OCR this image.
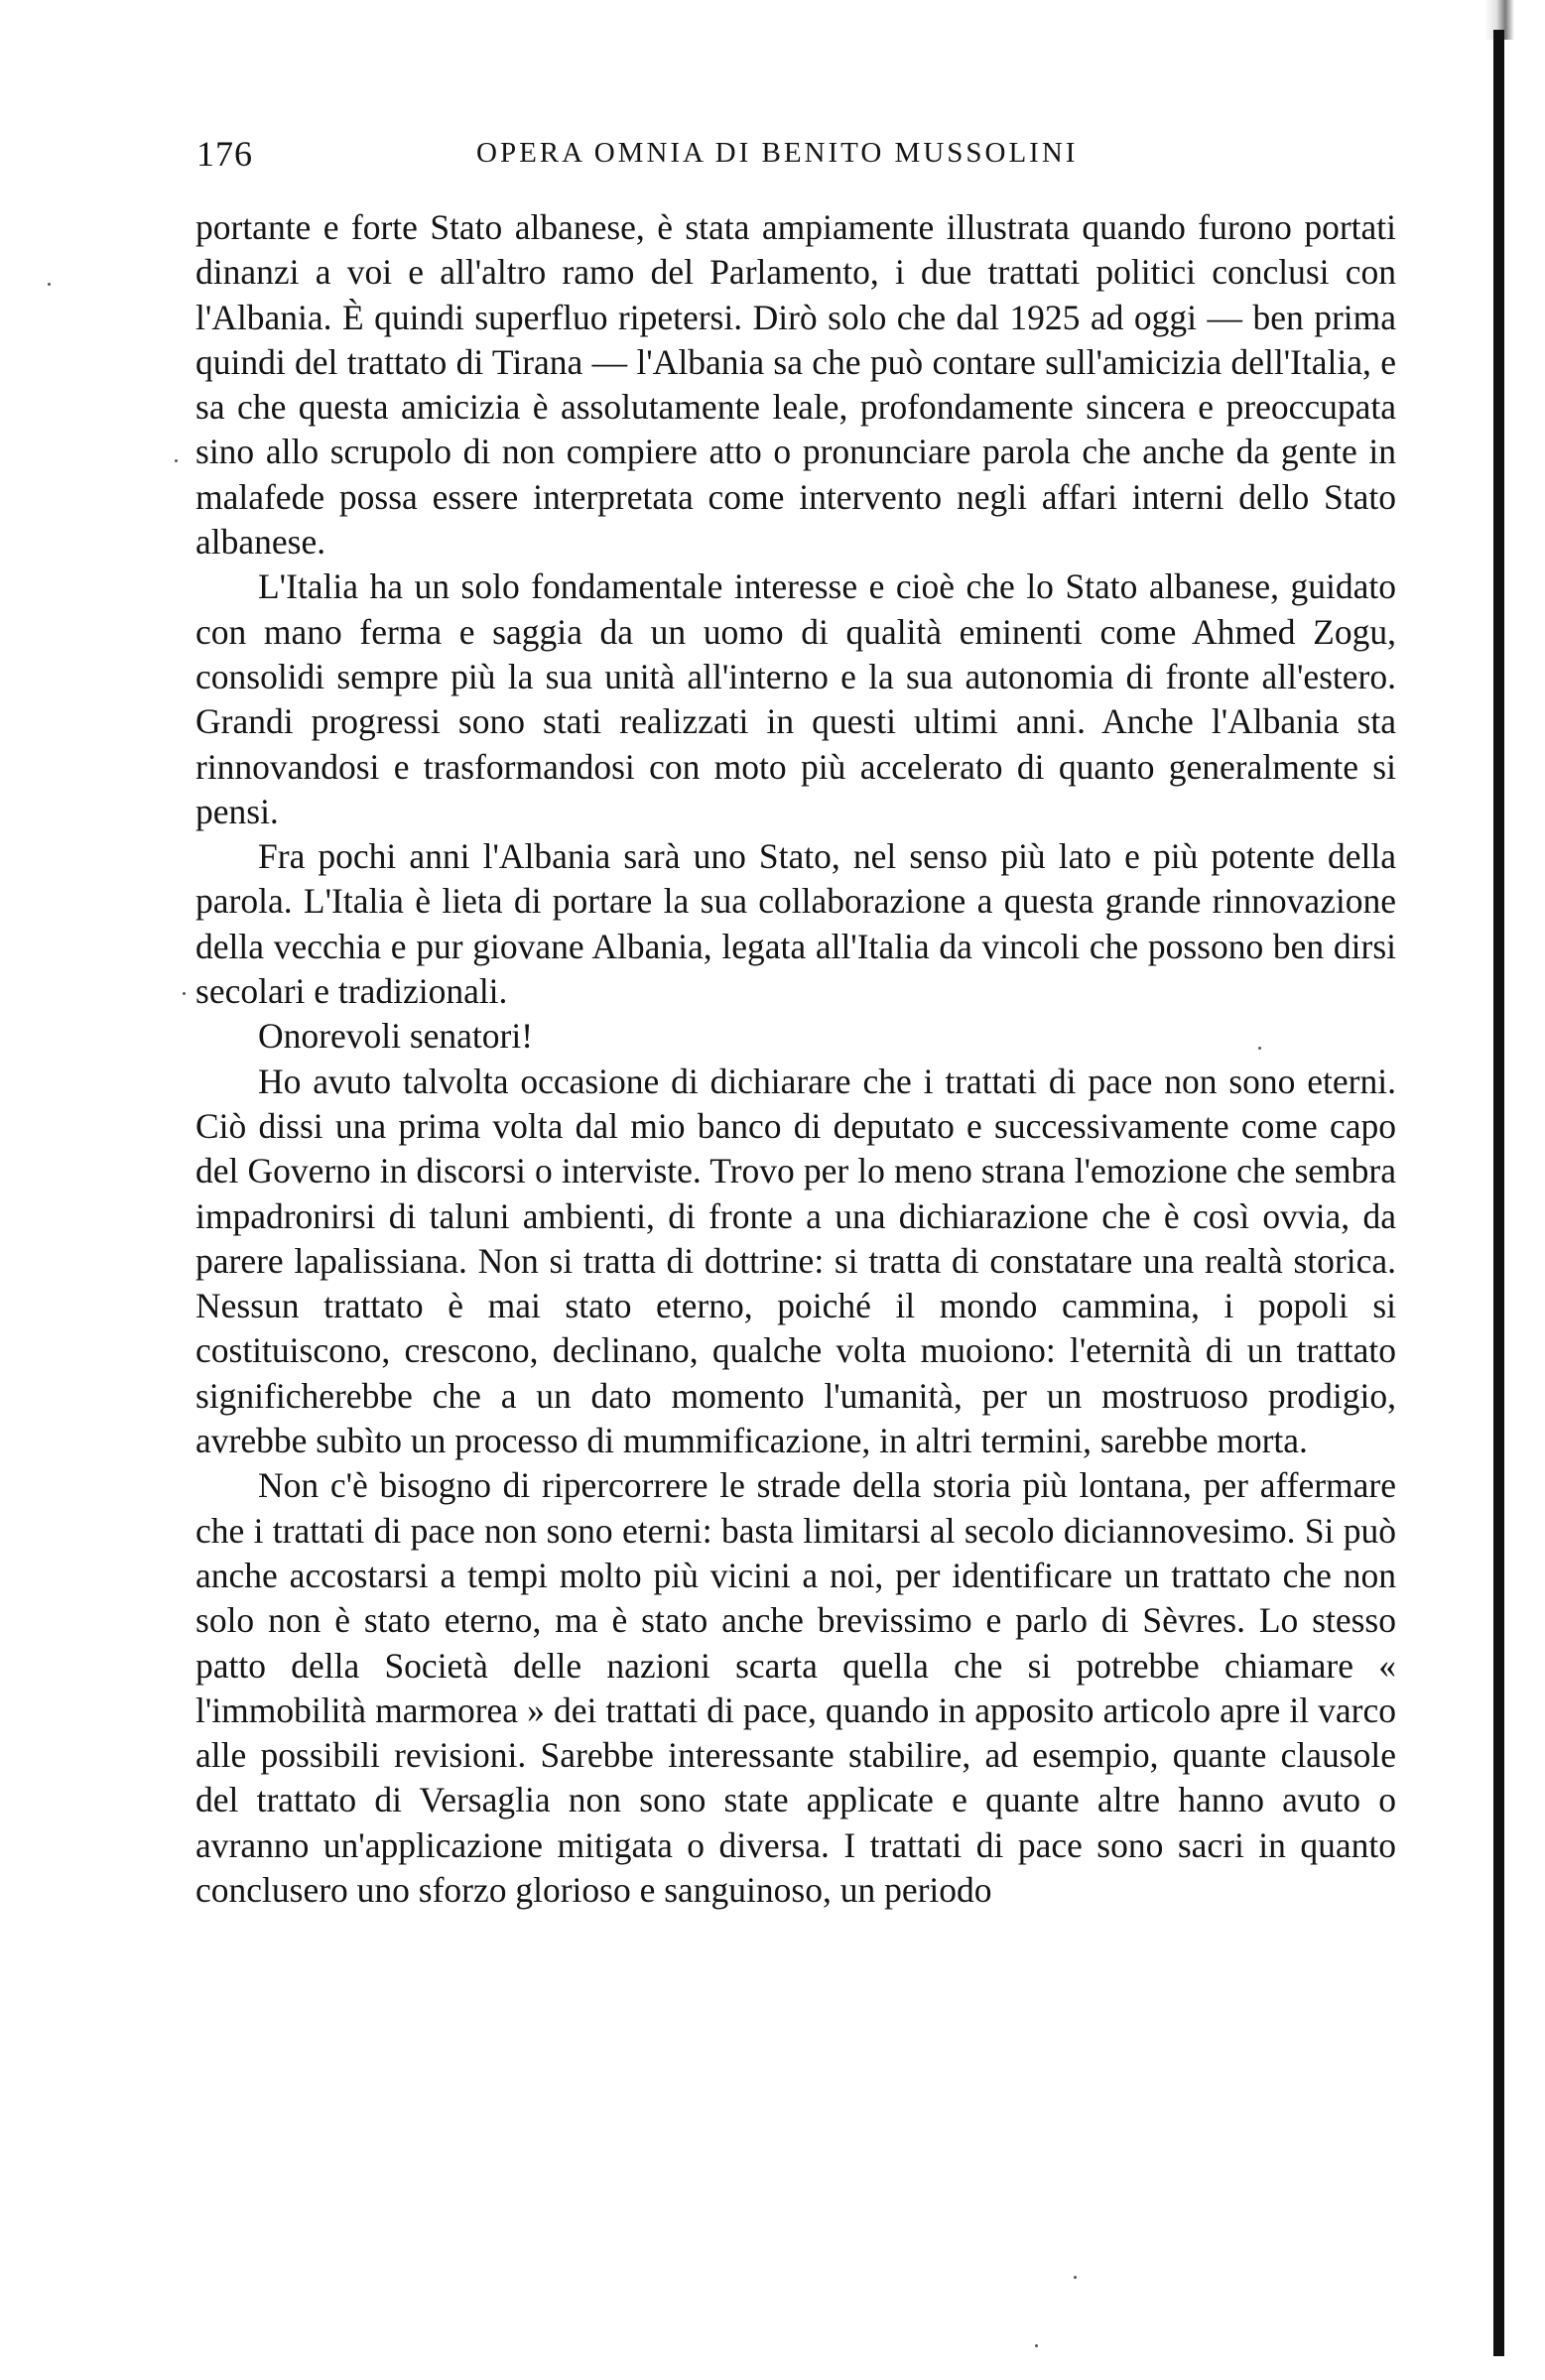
176	OPERA OMNIA DI BENITO MUSSOLINI

portante e forte Stato albanese, è stata ampiamente illustrata quando furono portati dinanzi a voi e all'altro ramo del Parlamento, i due trattati politici conclusi con l'Albania. È quindi superfluo ripetersi. Dirò solo che dal 1925 ad oggi — ben prima quindi del trattato di Tirana — l'Albania sa che può contare sull'amicizia dell'Italia, e sa che questa amicizia è assolutamente leale, profondamente sincera e preoccupata sino allo scrupolo di non compiere atto o pronunciare parola che anche da gente in malafede possa essere interpretata come intervento negli affari interni dello Stato albanese.

L'Italia ha un solo fondamentale interesse e cioè che lo Stato albanese, guidato con mano ferma e saggia da un uomo di qualità eminenti come Ahmed Zogu, consolidi sempre più la sua unità all'interno e la sua autonomia di fronte all'estero. Grandi progressi sono stati realizzati in questi ultimi anni. Anche l'Albania sta rinnovandosi e trasformandosi con moto più accelerato di quanto generalmente si pensi.

Fra pochi anni l'Albania sarà uno Stato, nel senso più lato e più potente della parola. L'Italia è lieta di portare la sua collaborazione a questa grande rinnovazione della vecchia e pur giovane Albania, legata all'Italia da vincoli che possono ben dirsi secolari e tradizionali.

Onorevoli senatori!

Ho avuto talvolta occasione di dichiarare che i trattati di pace non sono eterni. Ciò dissi una prima volta dal mio banco di deputato e successivamente come capo del Governo in discorsi o interviste. Trovo per lo meno strana l'emozione che sembra impadronirsi di taluni ambienti, di fronte a una dichiarazione che è così ovvia, da parere lapalissiana. Non si tratta di dottrine: si tratta di constatare una realtà storica. Nessun trattato è mai stato eterno, poiché il mondo cammina, i popoli si costituiscono, crescono, declinano, qualche volta muoiono: l'eternità di un trattato significherebbe che a un dato momento l'umanità, per un mostruoso prodigio, avrebbe subìto un processo di mummificazione, in altri termini, sarebbe morta.

Non c'è bisogno di ripercorrere le strade della storia più lontana, per affermare che i trattati di pace non sono eterni: basta limitarsi al secolo diciannovesimo. Si può anche accostarsi a tempi molto più vicini a noi, per identificare un trattato che non solo non è stato eterno, ma è stato anche brevissimo e parlo di Sèvres. Lo stesso patto della Società delle nazioni scarta quella che si potrebbe chiamare « l'immobilità marmorea » dei trattati di pace, quando in apposito articolo apre il varco alle possibili revisioni. Sarebbe interessante stabilire, ad esempio, quante clausole del trattato di Versaglia non sono state applicate e quante altre hanno avuto o avranno un'applicazione mitigata o diversa. I trattati di pace sono sacri in quanto conclusero uno sforzo glorioso e sanguinoso, un periodo
